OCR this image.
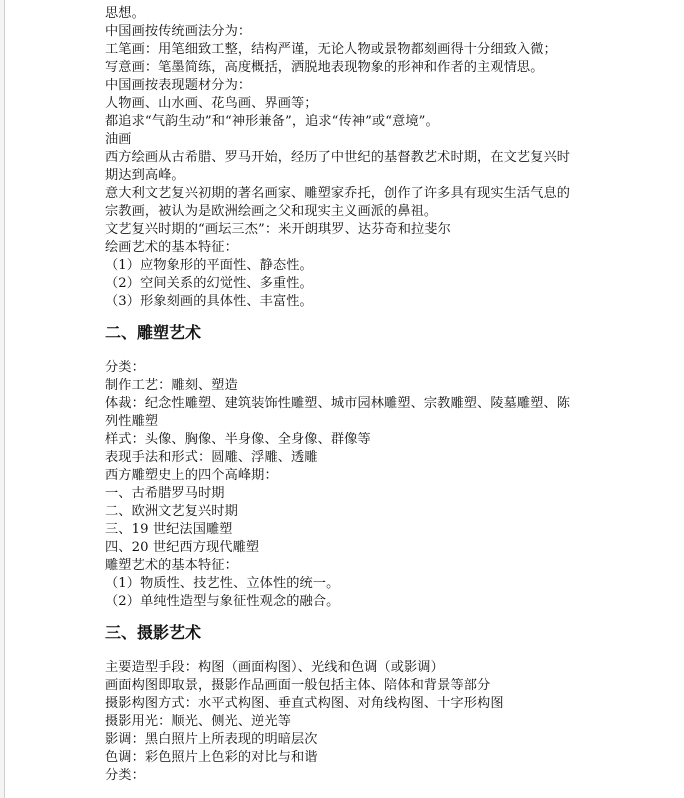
思想。
中国画按传统画法分为：
工笔画：用笔细致工整，结构严谨，无论人物或景物都刻画得十分细致入微；
写意画：笔墨简练，高度概括，洒脱地表现物象的形神和作者的主观情思。
中国画按表现题材分为：
人物画、山水画、花鸟画、界画等；
都追求“气韵生动”和“神形兼备”，追求“传神”或“意境”。
油画
西方绘画从古希腊、罗马开始，经历了中世纪的基督教艺术时期，在文艺复兴时
期达到高峰。
意大利文艺复兴初期的著名画家、雕塑家乔托，创作了许多具有现实生活气息的
宗教画，被认为是欧洲绘画之父和现实主义画派的鼻祖。
文艺复兴时期的“画坛三杰”：米开朗琪罗、达芬奇和拉斐尔
绘画艺术的基本特征：
（1）应物象形的平面性、静态性。
（2）空间关系的幻觉性、多重性。
（3）形象刻画的具体性、丰富性。
二、雕塑艺术
分类：
制作工艺：雕刻、塑造
体裁：纪念性雕塑、建筑装饰性雕塑、城市园林雕塑、宗教雕塑、陵墓雕塑、陈
列性雕塑
样式：头像、胸像、半身像、全身像、群像等
表现手法和形式：圆雕、浮雕、透雕
西方雕塑史上的四个高峰期：
一、古希腊罗马时期
二、欧洲文艺复兴时期
三、19 世纪法国雕塑
四、20 世纪西方现代雕塑
雕塑艺术的基本特征：
（1）物质性、技艺性、立体性的统一。
（2）单纯性造型与象征性观念的融合。
三、摄影艺术
主要造型手段：构图（画面构图）、光线和色调（或影调）
画面构图即取景，摄影作品画面一般包括主体、陪体和背景等部分
摄影构图方式：水平式构图、垂直式构图、对角线构图、十字形构图
摄影用光：顺光、侧光、逆光等
影调：黑白照片上所表现的明暗层次
色调：彩色照片上色彩的对比与和谐
分类：
